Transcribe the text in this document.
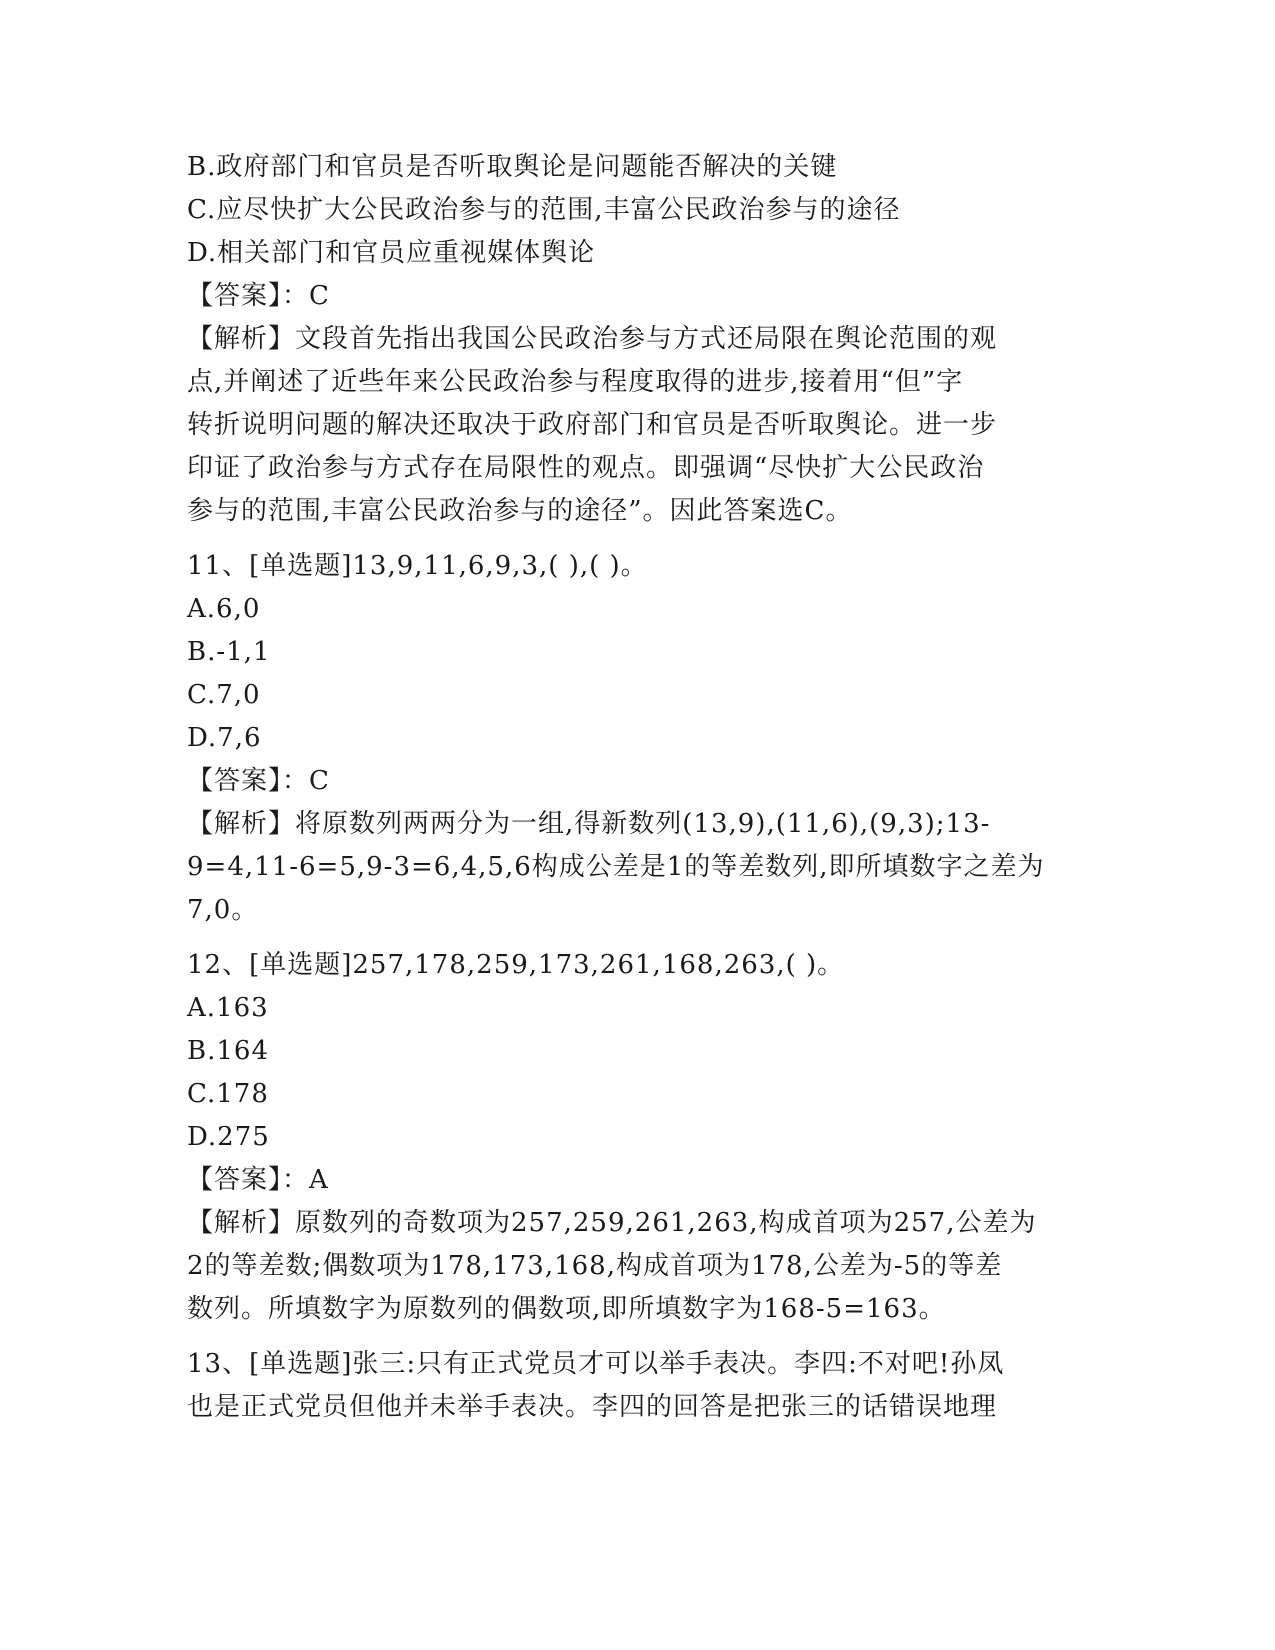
B.政府部门和官员是否听取舆论是问题能否解决的关键
C.应尽快扩大公民政治参与的范围,丰富公民政治参与的途径
D.相关部门和官员应重视媒体舆论
【答案】：C
【解析】文段首先指出我国公民政治参与方式还局限在舆论范围的观
点,并阐述了近些年来公民政治参与程度取得的进步,接着用“但”字
转折说明问题的解决还取决于政府部门和官员是否听取舆论。进一步
印证了政治参与方式存在局限性的观点。即强调“尽快扩大公民政治
参与的范围,丰富公民政治参与的途径”。因此答案选C。
11、[单选题]13,9,11,6,9,3,( ),( )。
A.6,0
B.-1,1
C.7,0
D.7,6
【答案】：C
【解析】将原数列两两分为一组,得新数列(13,9),(11,6),(9,3);13-
9=4,11-6=5,9-3=6,4,5,6构成公差是1的等差数列,即所填数字之差为
7,0。
12、[单选题]257,178,259,173,261,168,263,( )。
A.163
B.164
C.178
D.275
【答案】：A
【解析】原数列的奇数项为257,259,261,263,构成首项为257,公差为
2的等差数;偶数项为178,173,168,构成首项为178,公差为-5的等差
数列。所填数字为原数列的偶数项,即所填数字为168-5=163。
13、[单选题]张三:只有正式党员才可以举手表决。李四:不对吧!孙凤
也是正式党员但他并未举手表决。李四的回答是把张三的话错误地理
